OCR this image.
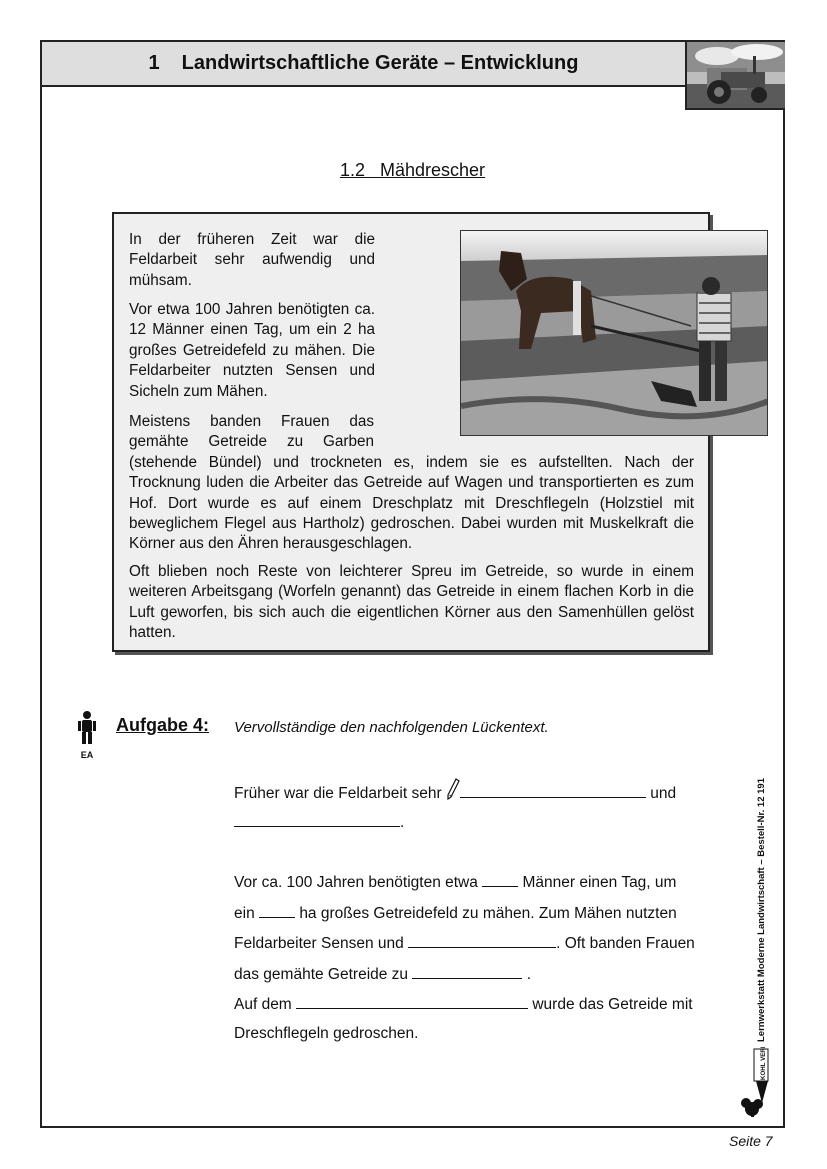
1 Landwirtschaftliche Geräte – Entwicklung
1.2 Mähdrescher

In der früheren Zeit war die Feldarbeit sehr aufwendig und mühsam.

Vor etwa 100 Jahren benötigten ca. 12 Männer einen Tag, um ein 2 ha großes Getreidefeld zu mähen. Die Feldarbeiter nutzten Sensen und Sicheln zum Mähen.

Meistens banden Frauen das gemähte Getreide zu Garben (stehende Bündel) und trockneten es, indem sie es aufstellten. Nach der Trocknung luden die Arbeiter das Getreide auf Wagen und transportierten es zum Hof. Dort wurde es auf einem Dreschplatz mit Dreschflegeln (Holzstiel mit beweglichem Flegel aus Hartholz) gedroschen. Dabei wurden mit Muskelkraft die Körner aus den Ähren herausgeschlagen.

Oft blieben noch Reste von leichterer Spreu im Getreide, so wurde in einem weiteren Arbeitsgang (Worfeln genannt) das Getreide in einem flachen Korb in die Luft geworfen, bis sich auch die eigentlichen Körner aus den Samenhüllen gelöst hatten.

EA
Aufgabe 4: Vervollständige den nachfolgenden Lückentext.
Früher war die Feldarbeit sehr	und
.
Vor ca. 100 Jahren benötigten etwa	Männer einen Tag, um
ein	ha großes Getreidefeld zu mähen. Zum Mähen nutzten
Feldarbeiter Sensen und	. Oft banden Frauen
das gemähte Getreide zu	.
Auf dem	wurde das Getreide mit
Dreschflegeln gedroschen.	Lernwerkstatt Moderne Landwirtschaft – Bestell-Nr. 12 191
KOHL VERLAG
Seite 7
